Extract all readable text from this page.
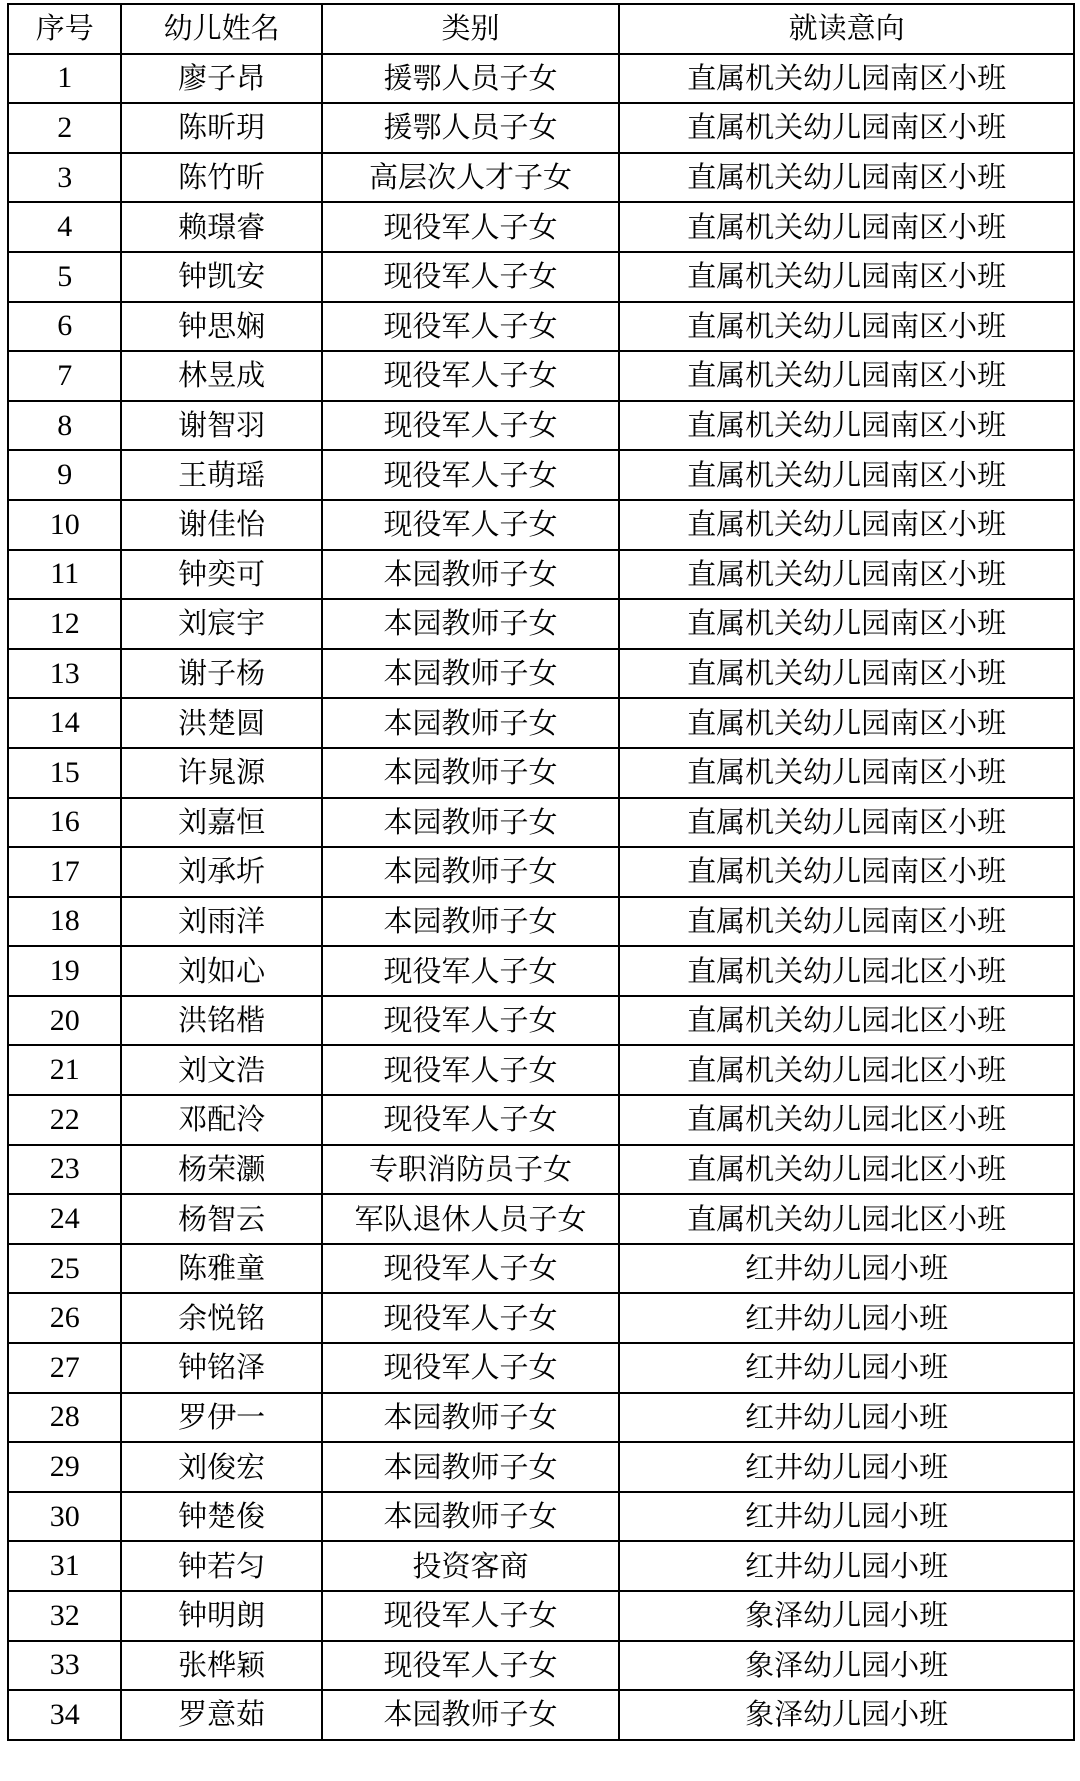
序号	幼儿姓名	类别	就读意向
1	廖子昂	援鄂人员子女	直属机关幼儿园南区小班
2	陈昕玥	援鄂人员子女	直属机关幼儿园南区小班
3	陈竹昕	高层次人才子女	直属机关幼儿园南区小班
4	赖璟睿	现役军人子女	直属机关幼儿园南区小班
5	钟凯安	现役军人子女	直属机关幼儿园南区小班
6	钟思娴	现役军人子女	直属机关幼儿园南区小班
7	林昱成	现役军人子女	直属机关幼儿园南区小班
8	谢智羽	现役军人子女	直属机关幼儿园南区小班
9	王萌瑶	现役军人子女	直属机关幼儿园南区小班
10	谢佳怡	现役军人子女	直属机关幼儿园南区小班
11	钟奕可	本园教师子女	直属机关幼儿园南区小班
12	刘宸宇	本园教师子女	直属机关幼儿园南区小班
13	谢子杨	本园教师子女	直属机关幼儿园南区小班
14	洪楚圆	本园教师子女	直属机关幼儿园南区小班
15	许晁源	本园教师子女	直属机关幼儿园南区小班
16	刘嘉恒	本园教师子女	直属机关幼儿园南区小班
17	刘承圻	本园教师子女	直属机关幼儿园南区小班
18	刘雨洋	本园教师子女	直属机关幼儿园南区小班
19	刘如心	现役军人子女	直属机关幼儿园北区小班
20	洪铭楷	现役军人子女	直属机关幼儿园北区小班
21	刘文浩	现役军人子女	直属机关幼儿园北区小班
22	邓配泠	现役军人子女	直属机关幼儿园北区小班
23	杨荣灏	专职消防员子女	直属机关幼儿园北区小班
24	杨智云	军队退休人员子女	直属机关幼儿园北区小班
25	陈雅童	现役军人子女	红井幼儿园小班
26	余悦铭	现役军人子女	红井幼儿园小班
27	钟铭泽	现役军人子女	红井幼儿园小班
28	罗伊一	本园教师子女	红井幼儿园小班
29	刘俊宏	本园教师子女	红井幼儿园小班
30	钟楚俊	本园教师子女	红井幼儿园小班
31	钟若匀	投资客商	红井幼儿园小班
32	钟明朗	现役军人子女	象泽幼儿园小班
33	张桦颖	现役军人子女	象泽幼儿园小班
34	罗意茹	本园教师子女	象泽幼儿园小班
